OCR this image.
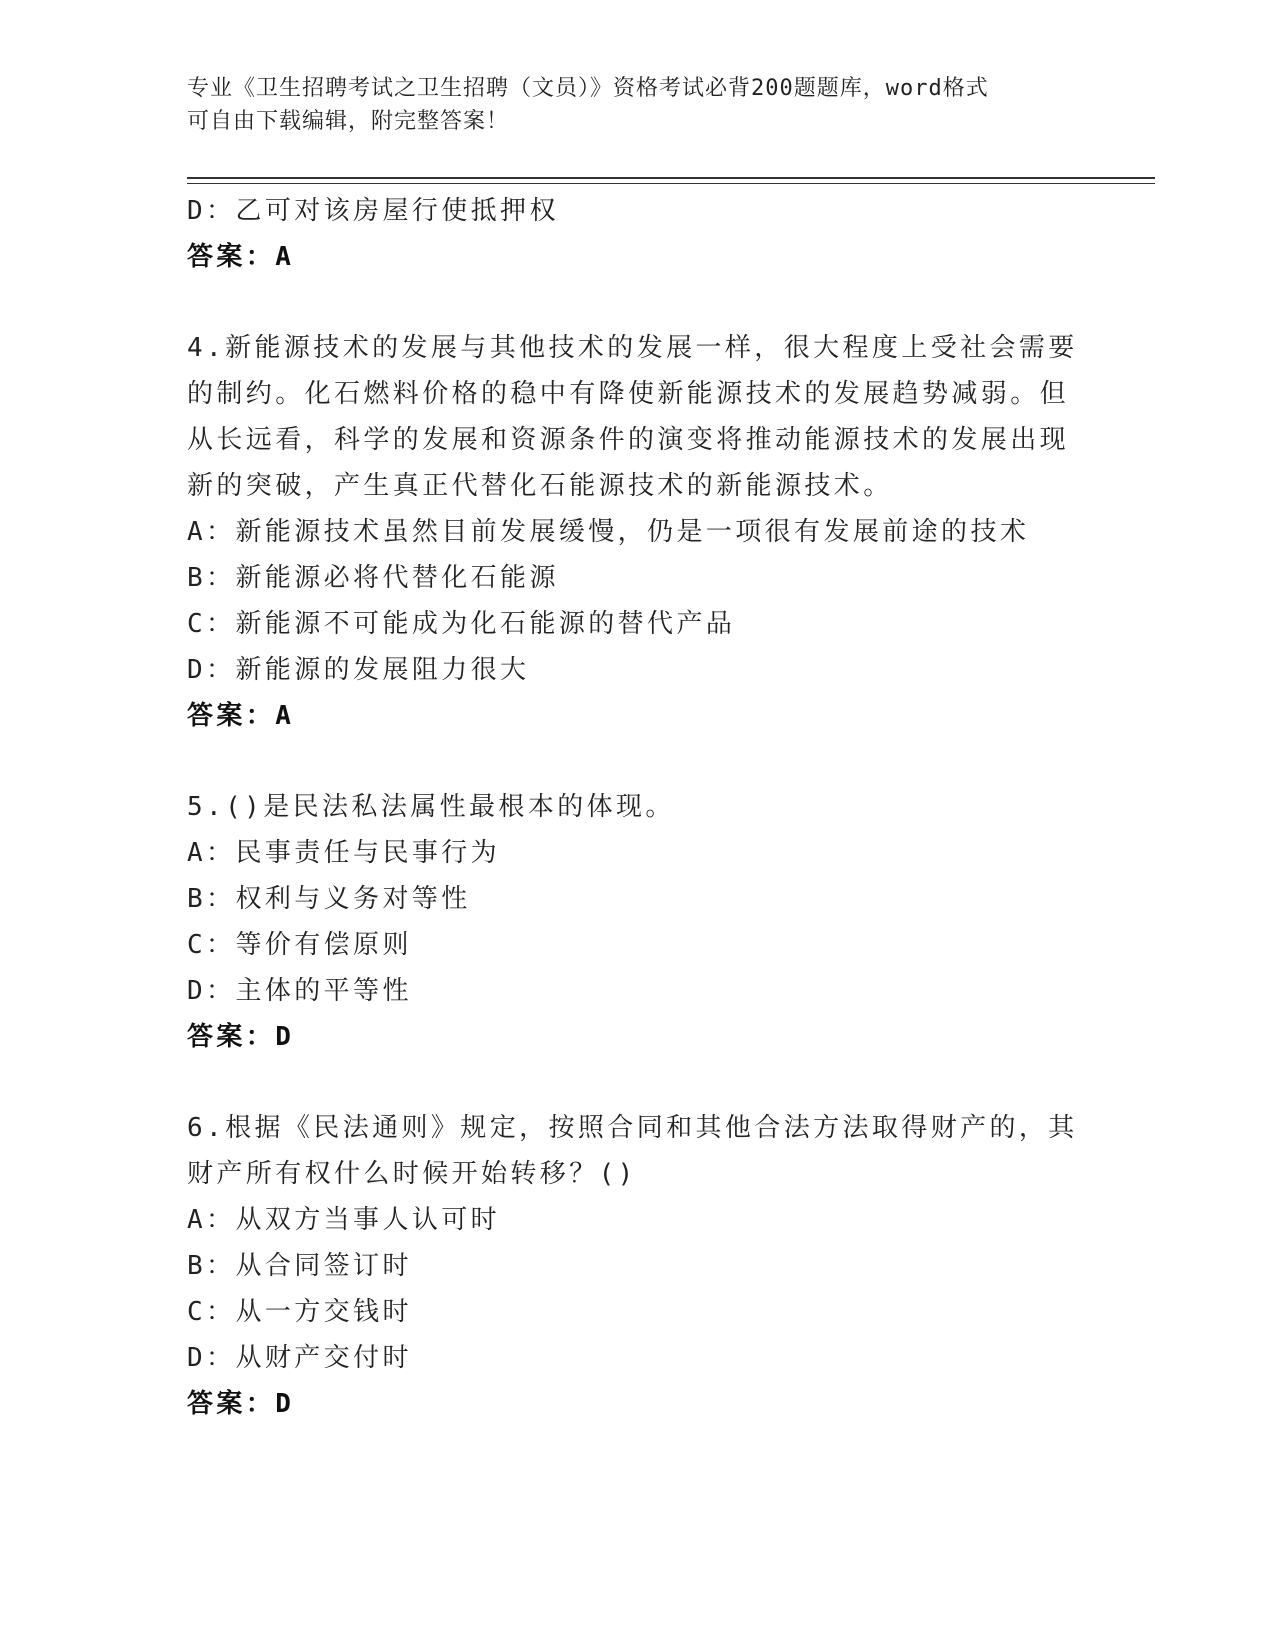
专业《卫生招聘考试之卫生招聘（文员）》资格考试必背200题题库，word格式
可自由下载编辑，附完整答案！
D：乙可对该房屋行使抵押权
答案：A
4.新能源技术的发展与其他技术的发展一样，很大程度上受社会需要
的制约。化石燃料价格的稳中有降使新能源技术的发展趋势减弱。但
从长远看，科学的发展和资源条件的演变将推动能源技术的发展出现
新的突破，产生真正代替化石能源技术的新能源技术。
A：新能源技术虽然目前发展缓慢，仍是一项很有发展前途的技术
B：新能源必将代替化石能源
C：新能源不可能成为化石能源的替代产品
D：新能源的发展阻力很大
答案：A
5.()是民法私法属性最根本的体现。
A：民事责任与民事行为
B：权利与义务对等性
C：等价有偿原则
D：主体的平等性
答案：D
6.根据《民法通则》规定，按照合同和其他合法方法取得财产的，其
财产所有权什么时候开始转移？()
A：从双方当事人认可时
B：从合同签订时
C：从一方交钱时
D：从财产交付时
答案：D
